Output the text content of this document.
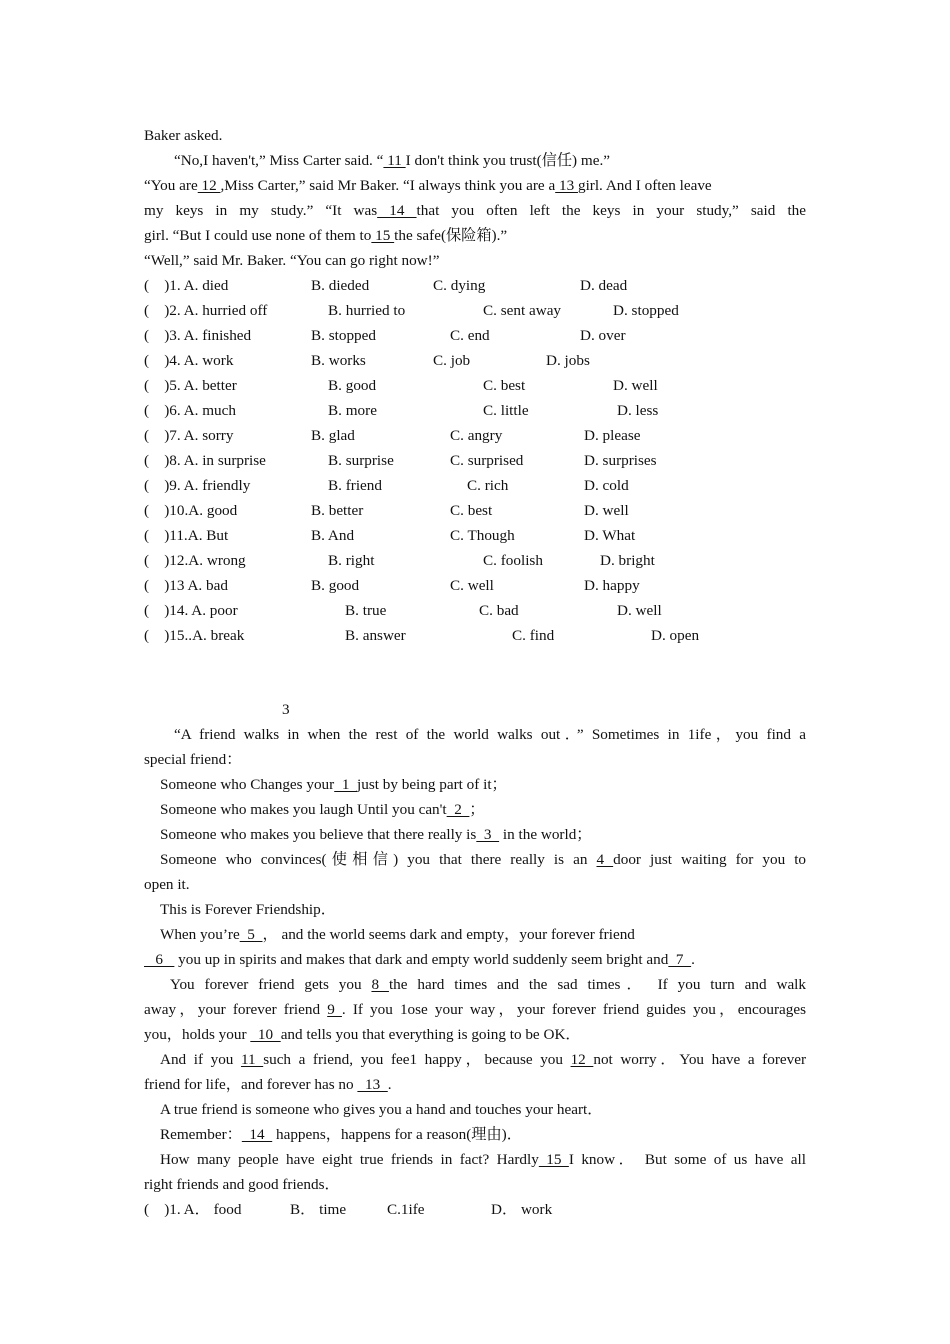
Baker asked.
“No,I haven't,” Miss Carter said. “ 11 I don't think you trust(信任) me.”
“You are 12 ,Miss Carter,” said Mr Baker. “I always think you are a 13 girl. And I often leave
my keys in my study.” “It was 14 that you often left the keys in your study,” said the
girl. “But I could use none of them to 15 the safe(保险箱).”
“Well,” said Mr. Baker. “You can go right now!”
(    )1. A. died	B. dieded	C. dying	D. dead
(    )2. A. hurried off	B. hurried to	C. sent away	D. stopped
(    )3. A. finished	B. stopped	C. end	D. over
(    )4. A. work	B. works	C. job	D. jobs
(    )5. A. better	B. good	C. best	D. well
(    )6. A. much	B. more	C. little	D. less
(    )7. A. sorry	B. glad	C. angry	D. please
(    )8. A. in surprise	B. surprise	C. surprised	D. surprises
(    )9. A. friendly	B. friend	C. rich	D. cold
(    )10.A. good	B. better	C. best	D. well
(    )11.A. But	B. And	C. Though	D. What
(    )12.A. wrong	B. right	C. foolish	D. bright
(    )13 A. bad	B. good	C. well	D. happy
(    )14. A. poor	B. true	C. bad	D. well
(    )15..A. break	B. answer	C. find	D. open
3
“A friend walks in when the rest of the world walks out．” Sometimes in 1ife，you find a
special friend：
Someone who Changes your  1  just by being part of it；
Someone who makes you laugh Until you can't  2  ；
Someone who makes you believe that there really is  3   in the world；
Someone who convinces(使相信) you that there really is an 4 door just waiting for you to
open it.
This is Forever Friendship．
When you’re  5  ， and the world seems dark and empty，your forever friend
6    you up in spirits and makes that dark and empty world suddenly seem bright and  7  .
You forever friend gets you 8 the hard times and the sad times． If you turn and walk
away，your forever friend 9 . If you 1ose your way，your forever friend guides you，encourages
you，holds your   10  and tells you that everything is going to be OK．
And if you 11 such a friend, you fee1 happy，because you 12 not worry．You have a forever
friend for life，and forever has no   13  .
A true friend is someone who gives you a hand and touches your heart．
Remember：  14   happens，happens for a reason(理由)．
How many people have eight true friends in fact? Hardly 15 I know． But some of us have all
right friends and good friends．
(    )1. A． food	B． time	C.1ife	D． work
